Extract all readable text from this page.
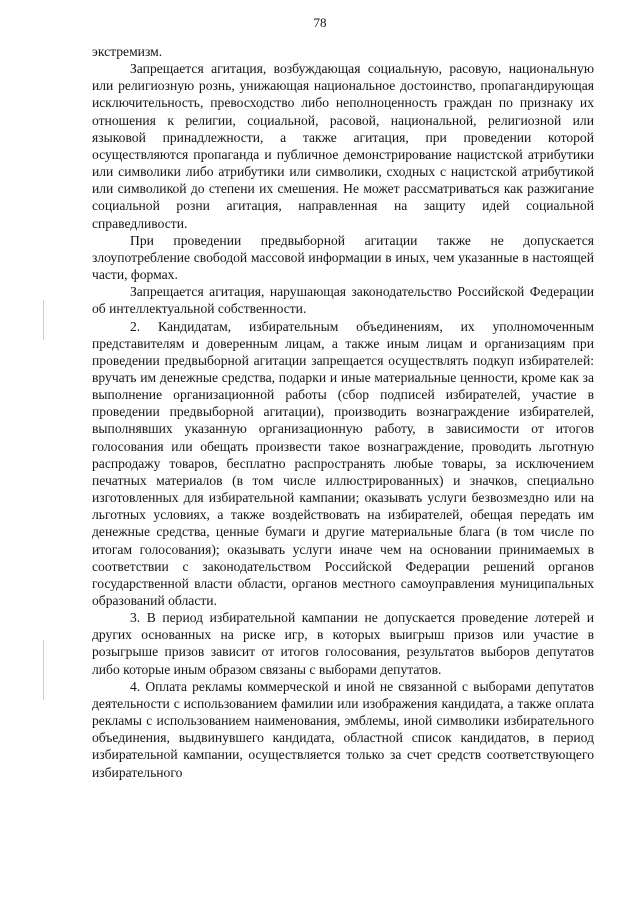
78

экстремизм.

Запрещается агитация, возбуждающая социальную, расовую, национальную или религиозную рознь, унижающая национальное достоинство, пропагандирующая исключительность, превосходство либо неполноценность граждан по признаку их отношения к религии, социальной, расовой, национальной, религиозной или языковой принадлежности, а также агитация, при проведении которой осуществляются пропаганда и публичное демонстрирование нацистской атрибутики или символики либо атрибутики или символики, сходных с нацистской атрибутикой или символикой до степени их смешения. Не может рассматриваться как разжигание социальной розни агитация, направленная на защиту идей социальной справедливости.

При проведении предвыборной агитации также не допускается злоупотребление свободой массовой информации в иных, чем указанные в настоящей части, формах.

Запрещается агитация, нарушающая законодательство Российской Федерации об интеллектуальной собственности.

2. Кандидатам, избирательным объединениям, их уполномоченным представителям и доверенным лицам, а также иным лицам и организациям при проведении предвыборной агитации запрещается осуществлять подкуп избирателей: вручать им денежные средства, подарки и иные материальные ценности, кроме как за выполнение организационной работы (сбор подписей избирателей, участие в проведении предвыборной агитации), производить вознаграждение избирателей, выполнявших указанную организационную работу, в зависимости от итогов голосования или обещать произвести такое вознаграждение, проводить льготную распродажу товаров, бесплатно распространять любые товары, за исключением печатных материалов (в том числе иллюстрированных) и значков, специально изготовленных для избирательной кампании; оказывать услуги безвозмездно или на льготных условиях, а также воздействовать на избирателей, обещая передать им денежные средства, ценные бумаги и другие материальные блага (в том числе по итогам голосования); оказывать услуги иначе чем на основании принимаемых в соответствии с законодательством Российской Федерации решений органов государственной власти области, органов местного самоуправления муниципальных образований области.

3. В период избирательной кампании не допускается проведение лотерей и других основанных на риске игр, в которых выигрыш призов или участие в розыгрыше призов зависит от итогов голосования, результатов выборов депутатов либо которые иным образом связаны с выборами депутатов.

4. Оплата рекламы коммерческой и иной не связанной с выборами депутатов деятельности с использованием фамилии или изображения кандидата, а также оплата рекламы с использованием наименования, эмблемы, иной символики избирательного объединения, выдвинувшего кандидата, областной список кандидатов, в период избирательной кампании, осуществляется только за счет средств соответствующего избирательного
